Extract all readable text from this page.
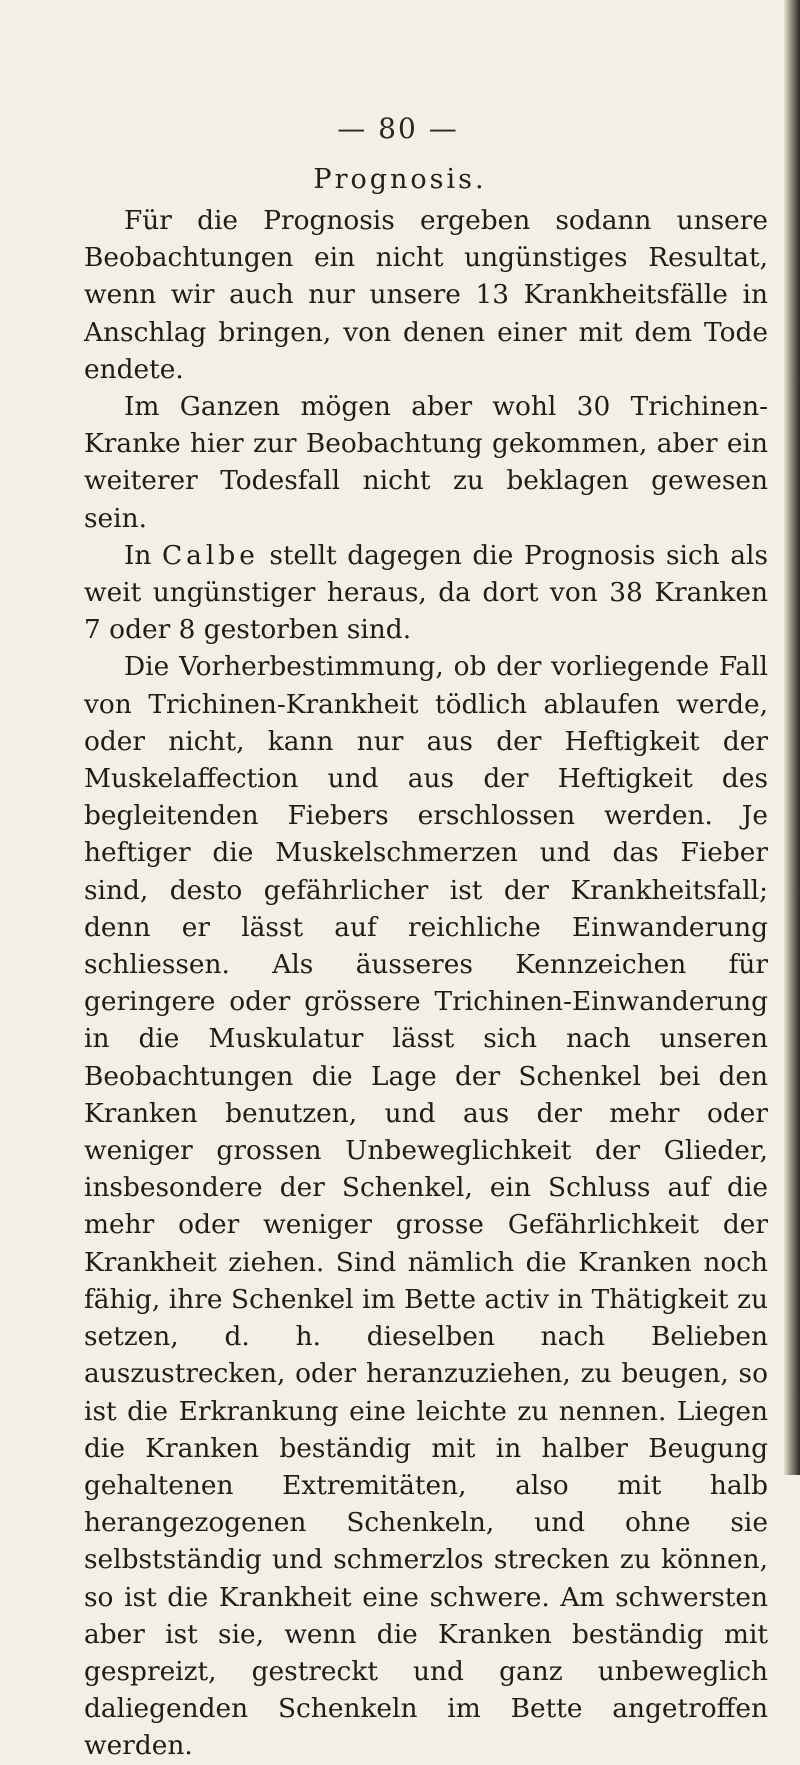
— 80 —
Prognosis.

Für die Prognosis ergeben sodann unsere Beobachtungen ein nicht ungünstiges Resultat, wenn wir auch nur unsere 13 Krankheitsfälle in Anschlag bringen, von denen einer mit dem Tode endete.

Im Ganzen mögen aber wohl 30 Trichinen-Kranke hier zur Beobachtung gekommen, aber ein weiterer Todesfall nicht zu beklagen gewesen sein.

In Calbe stellt dagegen die Prognosis sich als weit ungünstiger heraus, da dort von 38 Kranken 7 oder 8 gestorben sind.

Die Vorherbestimmung, ob der vorliegende Fall von Trichinen-Krankheit tödlich ablaufen werde, oder nicht, kann nur aus der Heftigkeit der Muskelaffection und aus der Heftigkeit des begleitenden Fiebers erschlossen werden. Je heftiger die Muskelschmerzen und das Fieber sind, desto gefährlicher ist der Krankheitsfall; denn er lässt auf reichliche Einwanderung schliessen. Als äusseres Kennzeichen für geringere oder grössere Trichinen-Einwanderung in die Muskulatur lässt sich nach unseren Beobachtungen die Lage der Schenkel bei den Kranken benutzen, und aus der mehr oder weniger grossen Unbeweglichkeit der Glieder, insbesondere der Schenkel, ein Schluss auf die mehr oder weniger grosse Gefährlichkeit der Krankheit ziehen. Sind nämlich die Kranken noch fähig, ihre Schenkel im Bette activ in Thätigkeit zu setzen, d. h. dieselben nach Belieben auszustrecken, oder heranzuziehen, zu beugen, so ist die Erkrankung eine leichte zu nennen. Liegen die Kranken beständig mit in halber Beugung gehaltenen Extremitäten, also mit halb herangezogenen Schenkeln, und ohne sie selbstständig und schmerzlos strecken zu können, so ist die Krankheit eine schwere. Am schwersten aber ist sie, wenn die Kranken beständig mit gespreizt, gestreckt und ganz unbeweglich daliegenden Schenkeln im Bette angetroffen werden.
